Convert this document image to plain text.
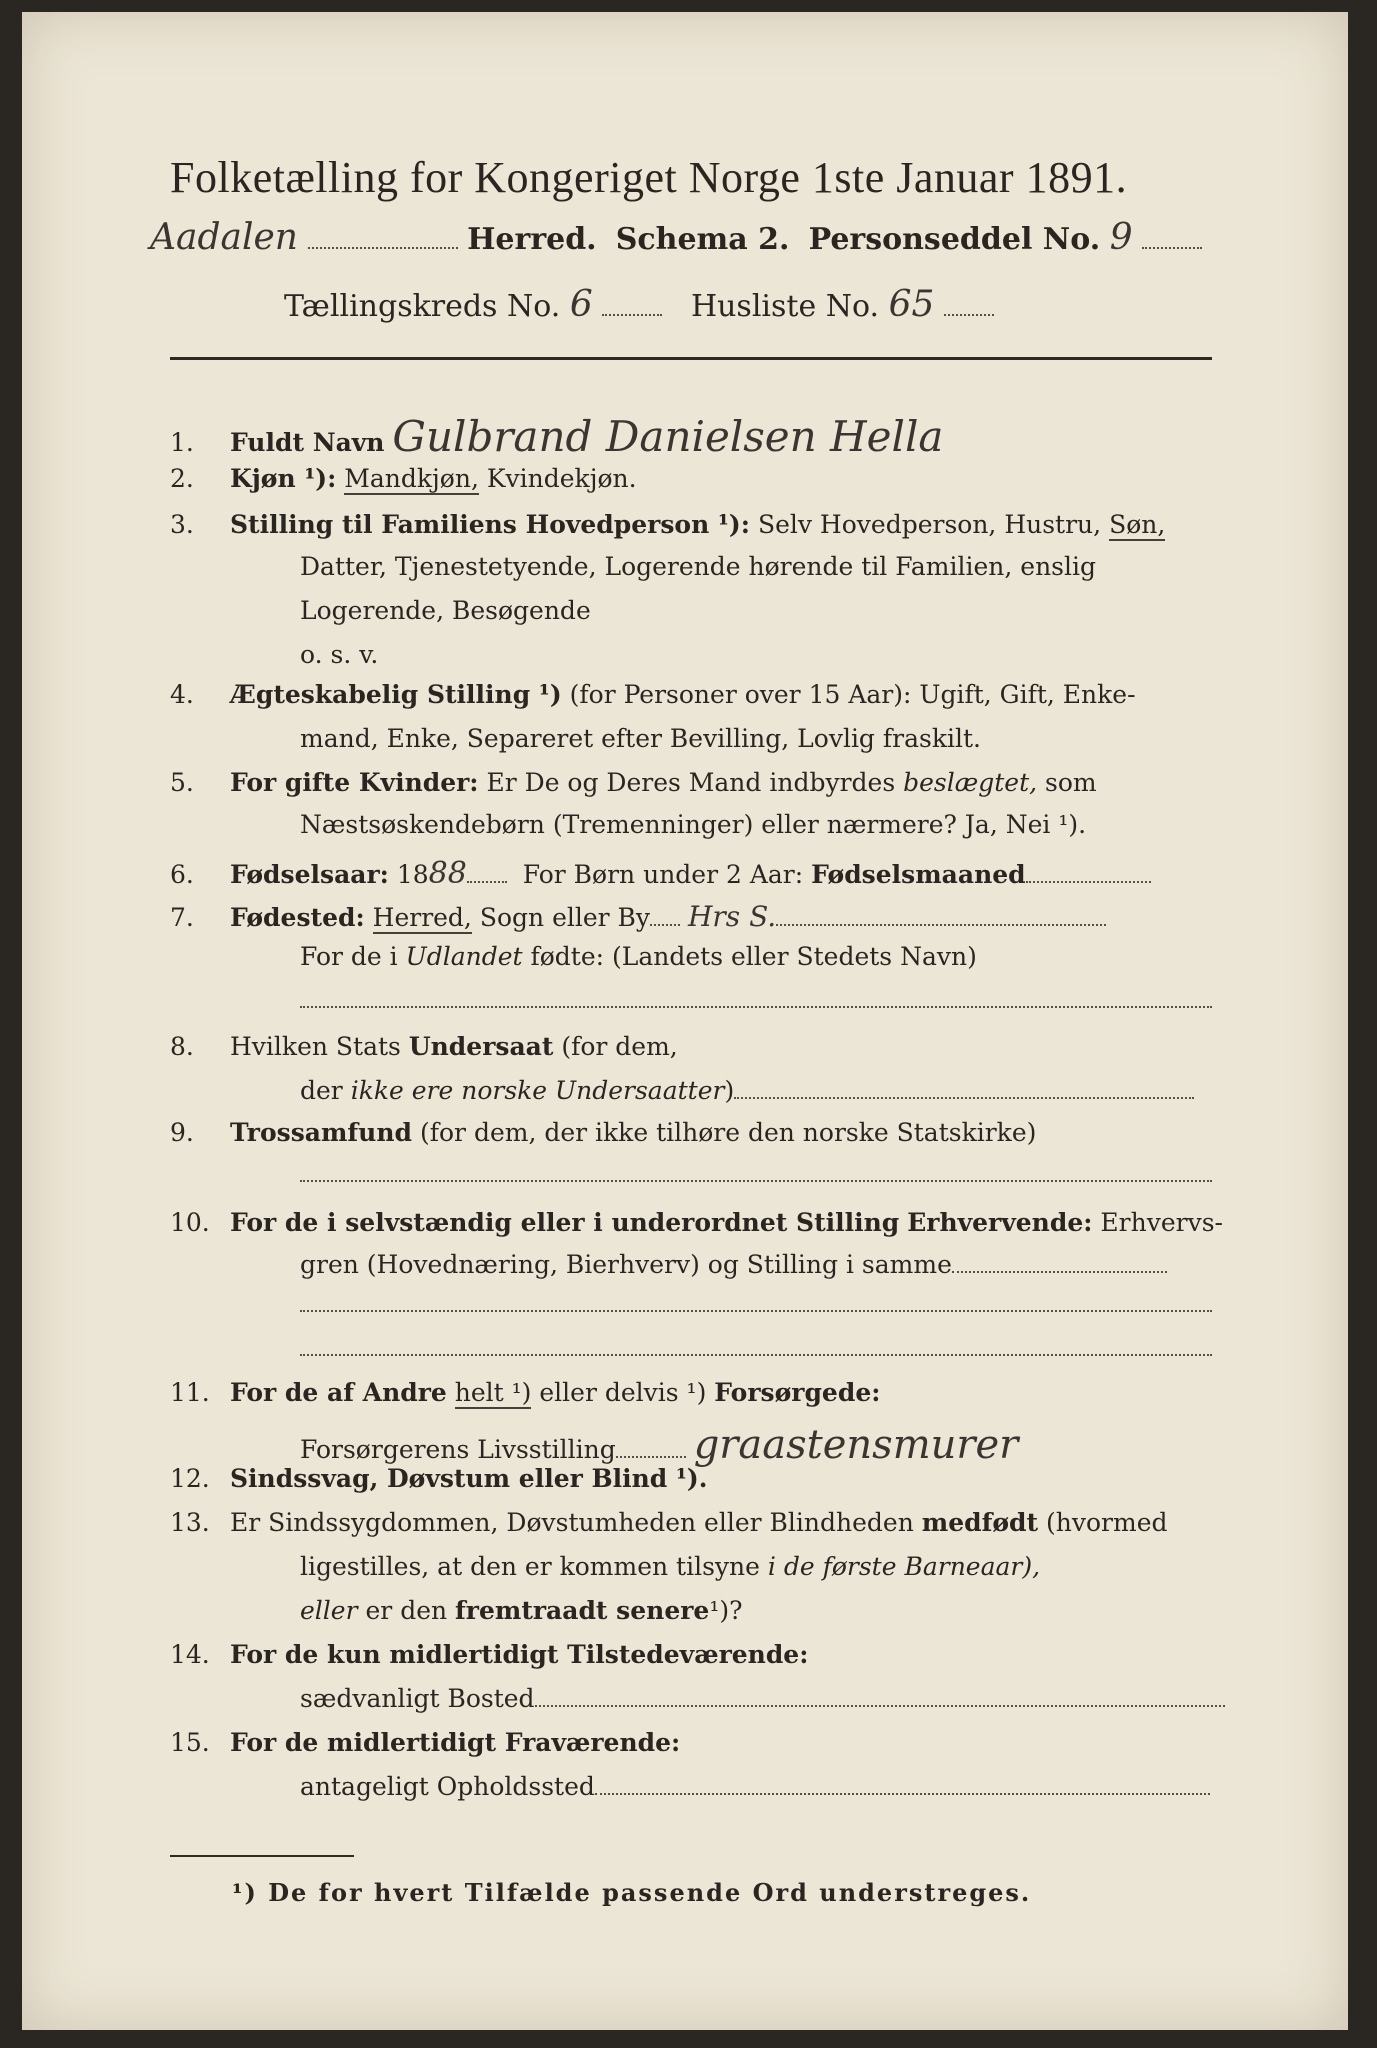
Folketælling for Kongeriget Norge 1ste Januar 1891.
Aadalen	Herred. Schema 2. Personseddel No. 9
Tællingskreds No. 6	Husliste No. 65
1. Fuldt Navn Gulbrand Danielsen Hella
2. Kjøn ¹): Mandkjøn, Kvindekjøn.
3. Stilling til Familiens Hovedperson ¹): Selv Hovedperson, Hustru, Søn,
Datter, Tjenestetyende, Logerende hørende til Familien, enslig
Logerende, Besøgende
o. s. v.
4. Ægteskabelig Stilling ¹) (for Personer over 15 Aar): Ugift, Gift, Enke-
mand, Enke, Separeret efter Bevilling, Lovlig fraskilt.
5. For gifte Kvinder: Er De og Deres Mand indbyrdes beslægtet, som
Næstsøskendebørn (Tremenninger) eller nærmere? Ja, Nei ¹).
6. Fødselsaar: 1888 For Børn under 2 Aar: Fødselsmaaned
7. Fødested: Herred, Sogn eller By Hrs S.
For de i Udlandet fødte: (Landets eller Stedets Navn)
8. Hvilken Stats Undersaat (for dem,
der ikke ere norske Undersaatter)
9. Trossamfund (for dem, der ikke tilhøre den norske Statskirke)
10. For de i selvstændig eller i underordnet Stilling Erhvervende: Erhvervs-
gren (Hovednæring, Bierhverv) og Stilling i samme
11. For de af Andre helt ¹) eller delvis ¹) Forsørgede:
Forsørgerens Livsstilling graastensmurer
12. Sindssvag, Døvstum eller Blind ¹).
13. Er Sindssygdommen, Døvstumheden eller Blindheden medfødt (hvormed
ligestilles, at den er kommen tilsyne i de første Barneaar),
eller er den fremtraadt senere¹)?
14. For de kun midlertidigt Tilstedeværende:
sædvanligt Bosted
15. For de midlertidigt Fraværende:
antageligt Opholdssted
¹) De for hvert Tilfælde passende Ord understreges.
